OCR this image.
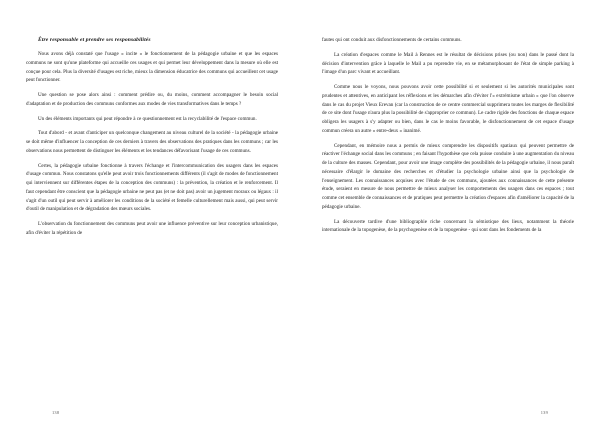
Être responsable et prendre ses responsabilités

Nous avons déjà constaté que l'usage « incite » le fonctionnement de la pédagogie urbaine et que les espaces communs ne sont qu'une plateforme qui accueille ces usages et qui permet leur développement dans la mesure où elle est conçue pour cela. Plus la diversité d'usages est riche, mieux la dimension éducatrice des communs qui accueillent cet usage peut fonctionner.

Une question se pose alors ainsi : comment prédire ou, du moins, comment accompagner le besoin social d'adaptation et de production des communs conformes aux modes de vies transformatives dans le temps ?

Un des éléments importants qui peut répondre à ce questionnement est la recyclabilité de l'espace commun.

Tout d'abord - et avant d'anticiper un quelconque changement au niveau culturel de la société - la pédagogie urbaine se doit même d'influencer la conception de ces derniers à travers des observations des pratiques dans les communs ; car les observations nous permettent de distinguer les éléments et les tendances défavorisant l'usage de ces communs.

Certes, la pédagogie urbaine fonctionne à travers l'échange et l'intercommunication des usagers dans les espaces d'usage commun. Nous constatons qu'elle peut avoir trois fonctionnements différents (il s'agit de modes de fonctionnement qui interviennent sur différentes étapes de la conception des communs) : la prévention, la création et le renforcement. Il faut cependant être conscient que la pédagogie urbaine ne peut pas (et ne doit pas) avoir un jugement moraux ou légaux : il s'agit d'un outil qui peut servir à améliorer les conditions de la société et femelle culturellement mais aussi, qui peut servir d'outil de manipulation et de dégradation des mœurs sociales.

L'observation du fonctionnement des communs peut avoir une influence préventive sur leur conception urbanistique, afin d'éviter la répétition de

138

fautes qui ont conduit aux disfonctionnements de certains communs.

La création d'espaces comme le Mail à Rennes est le résultat de décisions prises (ou non) dans le passé dont la décision d'intervention grâce à laquelle le Mail a pu reprendre vie, en se métamorphosant de l'état de simple parking à l'image d'un parc vivant et accueillant.

Comme nous le voyons, nous pouvons avoir cette possibilité si et seulement si les autorités municipales sont prudentes et attentives, en anticipant les réflexions et les démarches afin d'éviter l'« extrémisme urbain » que l'on observe dans le cas du projet Vieux Erevan (car la construction de ce centre commercial supprimera toutes les marges de flexibilité de ce site dont l'usage n'aura plus la possibilité de s'approprier ce commun). Le cadre rigide des fonctions de chaque espace obligera les usagers à s'y adapter ou bien, dans le cas le moins favorable, le disfonctionnement de cet espace d'usage commun créera un autre « entre-deux » inanimé.

Cependant, en mémoire nous a permis de mieux comprendre les dispositifs spatiaux qui peuvent permettre de réactiver l'échange social dans les communs ; en faisant l'hypothèse que cela puisse conduire à une augmentation du niveau de la culture des masses. Cependant, pour avoir une image complète des possibilités de la pédagogie urbaine, il nous paraît nécessaire d'élargir le domaine des recherches et d'étudier la psychologie urbaine ainsi que la psychologie de l'enseignement. Les connaissances acquises avec l'étude de ces communs, ajoutées aux connaissances de cette présente étude, seraient en mesure de nous permettre de mieux analyser les comportements des usagers dans ces espaces ; tout comme cet ensemble de connaissances et de pratiques peut permettre la création d'espaces afin d'améliorer la capacité de la pédagogie urbaine.

La découverte tardive d'une bibliographie riche concernant la sémiotique des lieux, notamment la théorie internationale de la topogenèse, de la psychogenèse et de la topogenèse - qui sont dans les fondements de la

139
